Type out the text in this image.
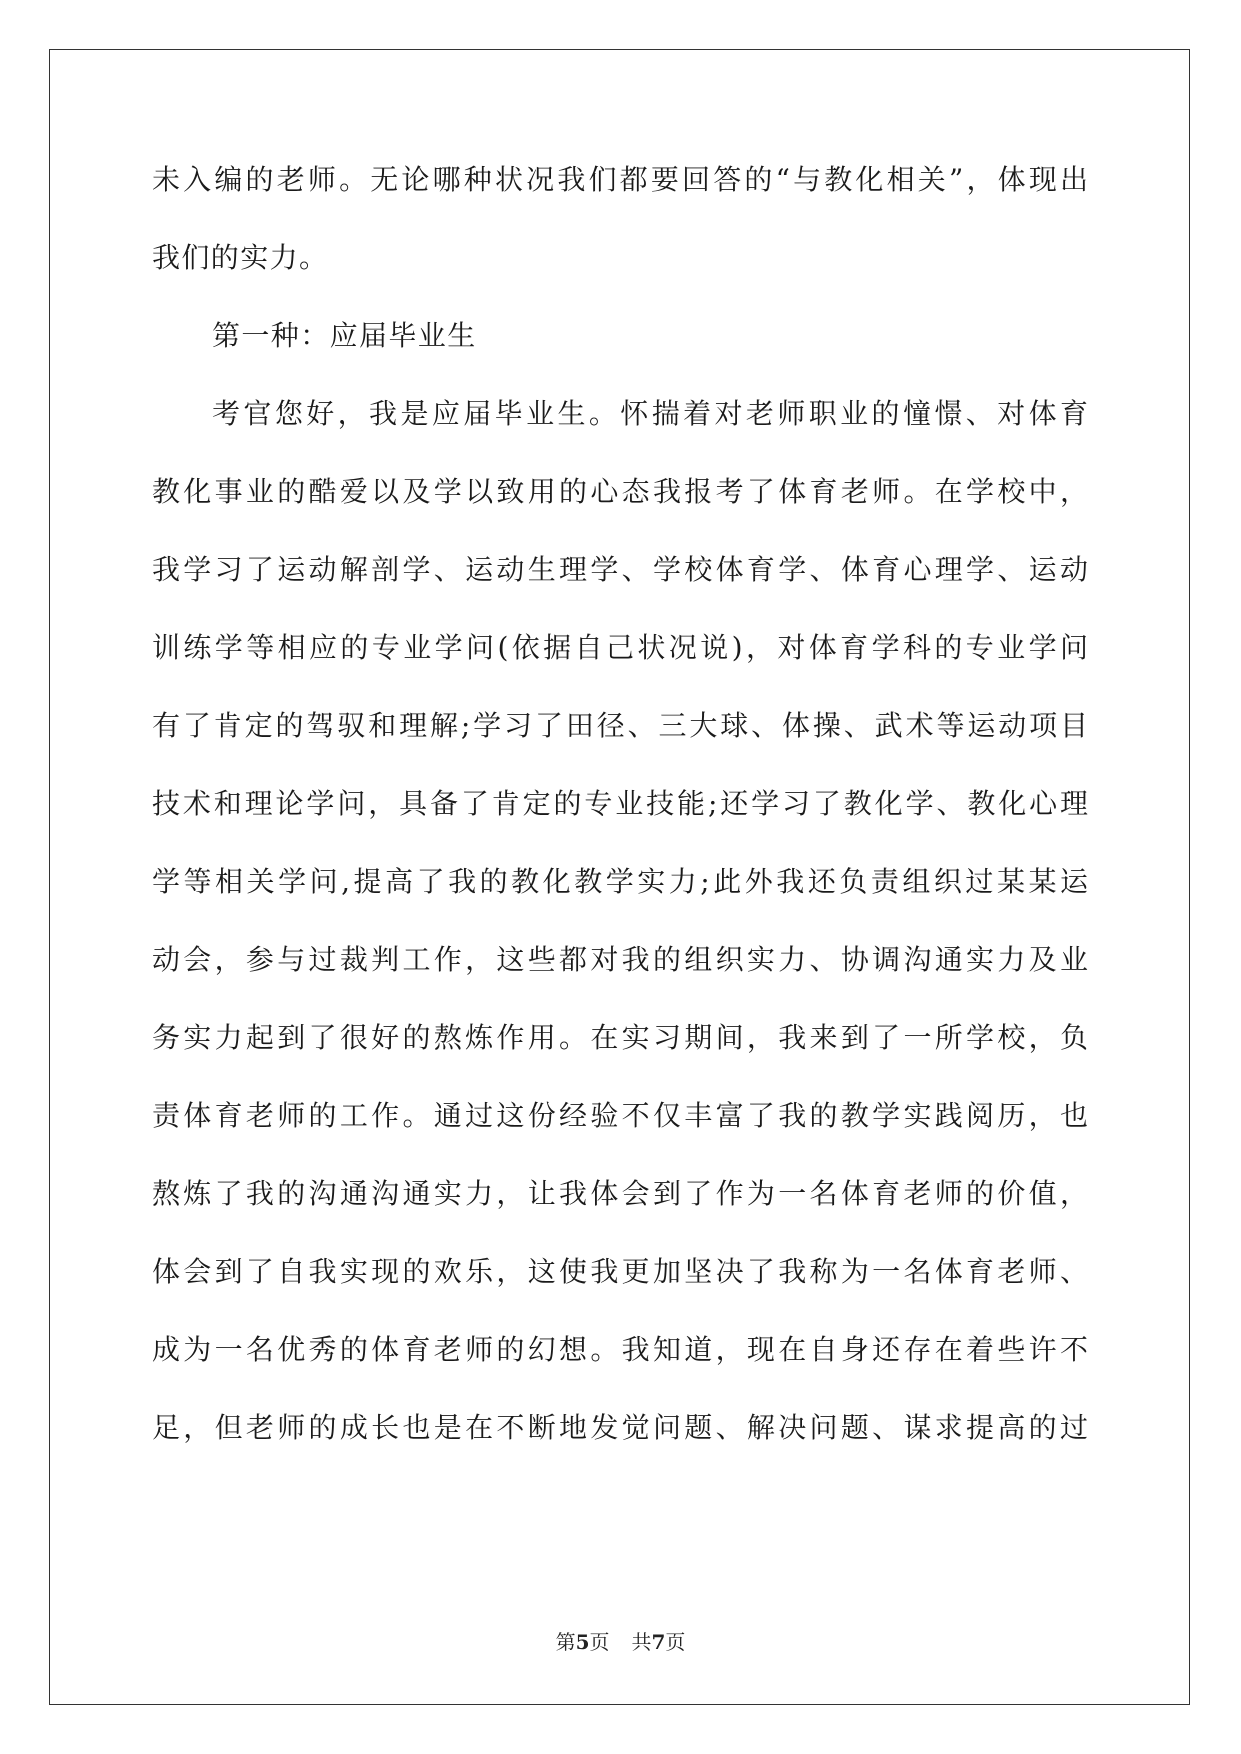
未入编的老师。无论哪种状况我们都要回答的“与教化相关”，体现出
我们的实力。
第一种：应届毕业生
考官您好，我是应届毕业生。怀揣着对老师职业的憧憬、对体育
教化事业的酷爱以及学以致用的心态我报考了体育老师。在学校中，
我学习了运动解剖学、运动生理学、学校体育学、体育心理学、运动
训练学等相应的专业学问(依据自己状况说)，对体育学科的专业学问
有了肯定的驾驭和理解;学习了田径、三大球、体操、武术等运动项目
技术和理论学问，具备了肯定的专业技能;还学习了教化学、教化心理
学等相关学问,提高了我的教化教学实力;此外我还负责组织过某某运
动会，参与过裁判工作，这些都对我的组织实力、协调沟通实力及业
务实力起到了很好的熬炼作用。在实习期间，我来到了一所学校，负
责体育老师的工作。通过这份经验不仅丰富了我的教学实践阅历，也
熬炼了我的沟通沟通实力，让我体会到了作为一名体育老师的价值，
体会到了自我实现的欢乐，这使我更加坚决了我称为一名体育老师、
成为一名优秀的体育老师的幻想。我知道，现在自身还存在着些许不
足，但老师的成长也是在不断地发觉问题、解决问题、谋求提高的过
第5页 共7页
